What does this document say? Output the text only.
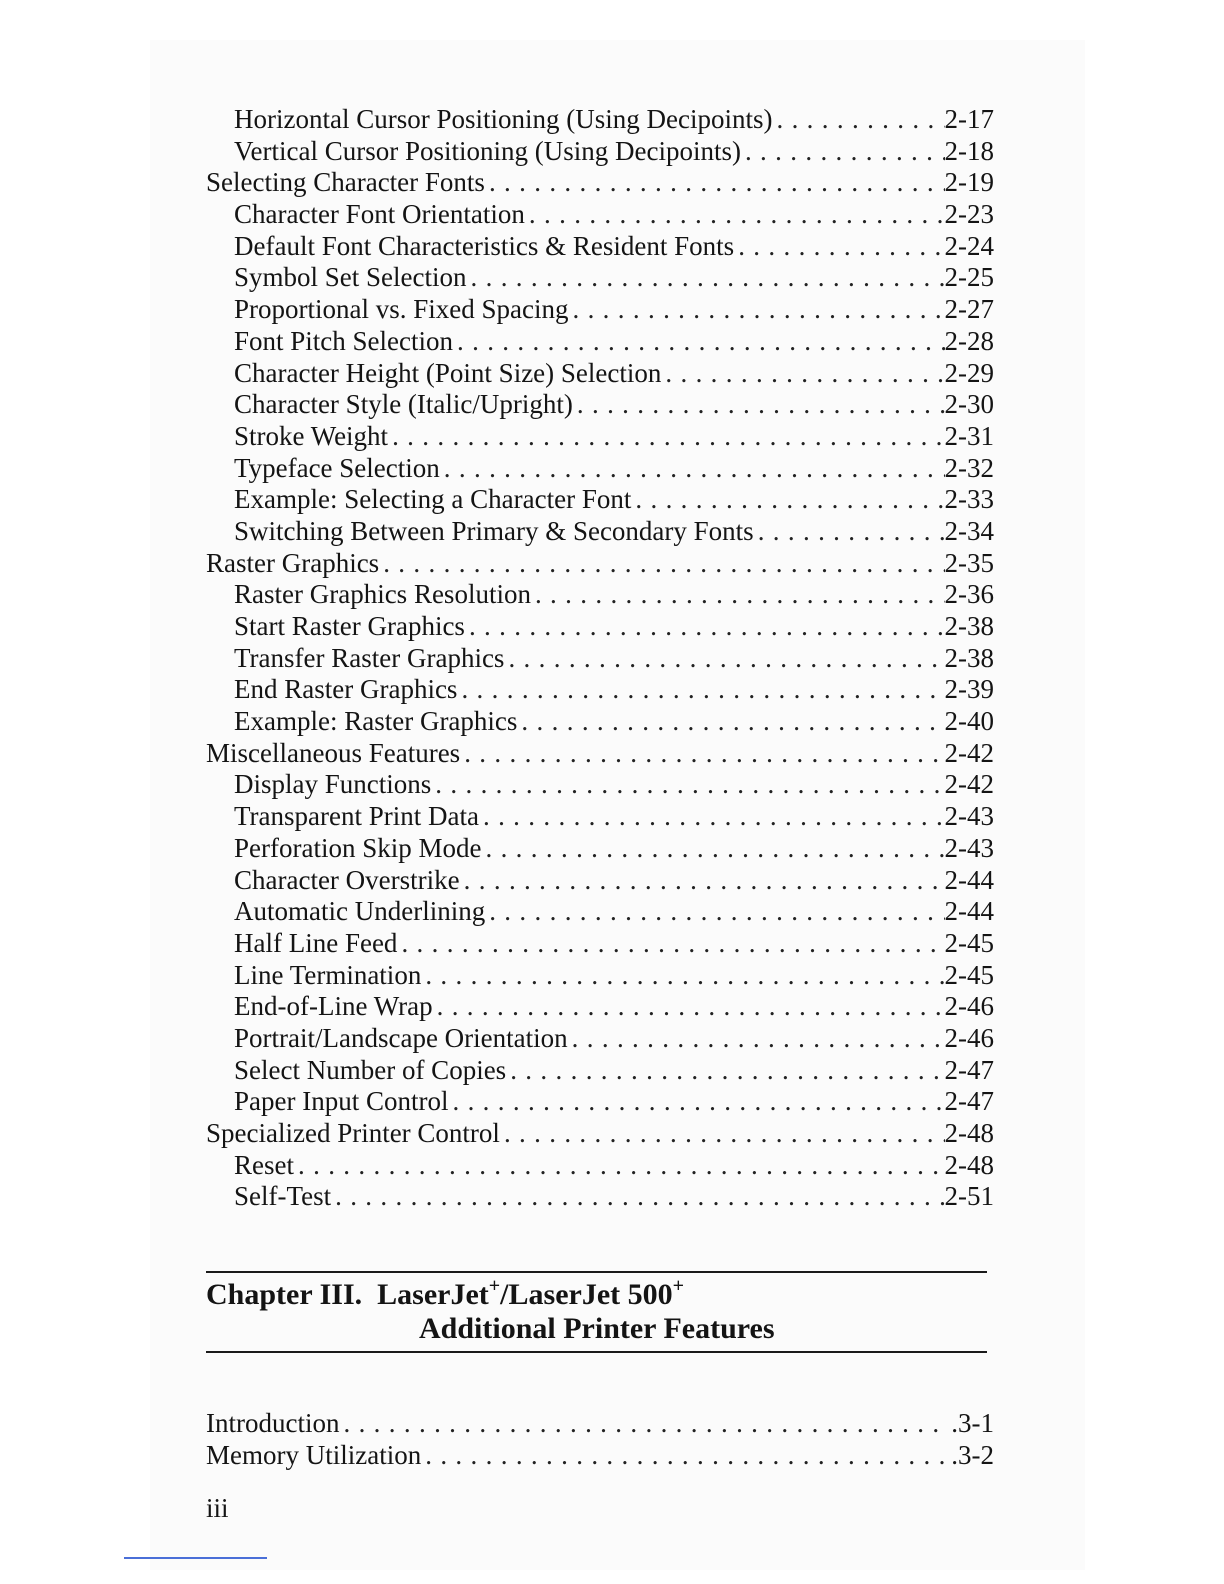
Horizontal Cursor Positioning (Using Decipoints) . . .	2-17
Vertical Cursor Positioning (Using Decipoints) . . .	2-18
Selecting Character Fonts . . .	2-19
Character Font Orientation . . .	2-23
Default Font Characteristics & Resident Fonts . . .	2-24
Symbol Set Selection . . .	2-25
Proportional vs. Fixed Spacing . . .	2-27
Font Pitch Selection . . .	2-28
Character Height (Point Size) Selection . . .	2-29
Character Style (Italic/Upright) . . .	2-30
Stroke Weight . . .	2-31
Typeface Selection . . .	2-32
Example: Selecting a Character Font . . .	2-33
Switching Between Primary & Secondary Fonts . . .	2-34
Raster Graphics . . .	2-35
Raster Graphics Resolution . . .	2-36
Start Raster Graphics . . .	2-38
Transfer Raster Graphics . . .	2-38
End Raster Graphics . . .	2-39
Example: Raster Graphics . . .	2-40
Miscellaneous Features . . .	2-42
Display Functions . . .	2-42
Transparent Print Data . . .	2-43
Perforation Skip Mode . . .	2-43
Character Overstrike . . .	2-44
Automatic Underlining . . .	2-44
Half Line Feed . . .	2-45
Line Termination . . .	2-45
End-of-Line Wrap . . .	2-46
Portrait/Landscape Orientation . . .	2-46
Select Number of Copies . . .	2-47
Paper Input Control . . .	2-47
Specialized Printer Control . . .	2-48
Reset . . .	2-48
Self-Test . . .	2-51
Chapter III. LaserJet+/LaserJet 500+
Additional Printer Features
Introduction . . .	.3-1
Memory Utilization . . .	.3-2
iii
